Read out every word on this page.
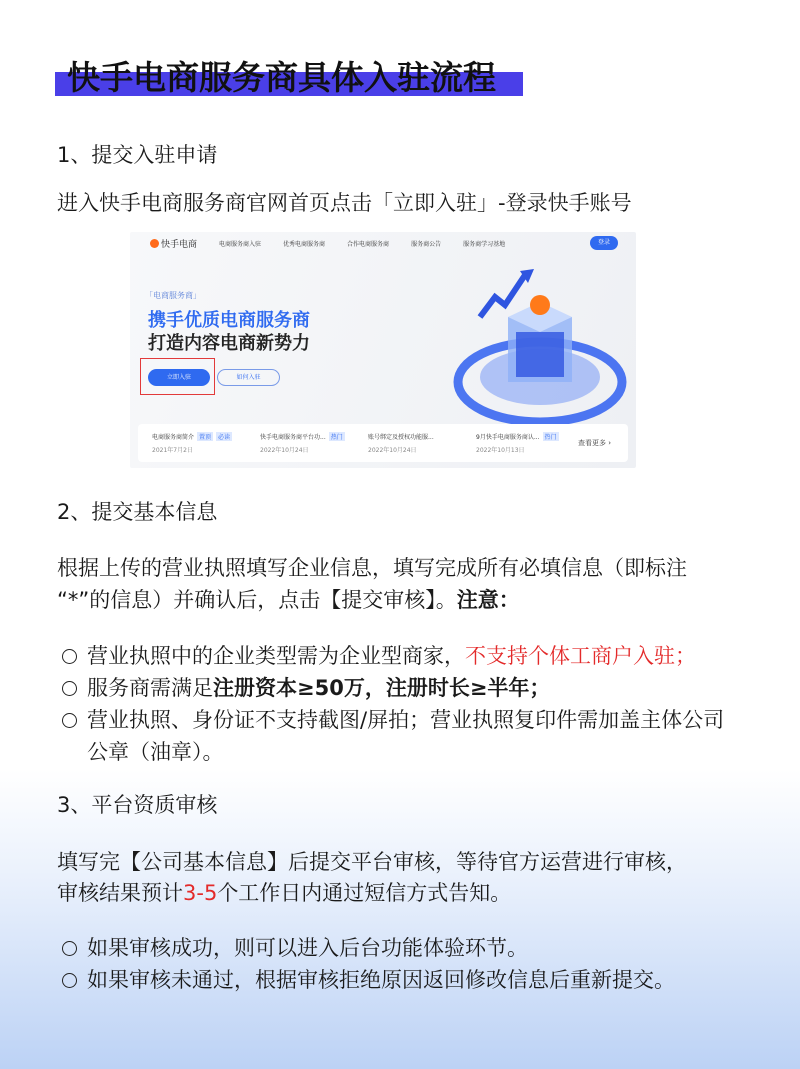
快手电商服务商具体入驻流程
1、提交入驻申请
进入快手电商服务商官网首页点击「立即入驻」-登录快手账号
快手电商	电商服务商入驻	优秀电商服务商	合作电商服务商	服务商公告	服务商学习基地	登录
「电商服务商」
携手优质电商服务商
打造内容电商新势力
立即入驻	如何入驻
电商服务商简介 置顶 必读
2021年7月2日
快手电商服务商平台功... 热门
2022年10月24日
账号绑定及授权功能服...
2022年10月24日
9月快手电商服务商认... 热门
2022年10月13日
查看更多 ›
2、提交基本信息
根据上传的营业执照填写企业信息，填写完成所有必填信息（即标注
“*”的信息）并确认后，点击【提交审核】。注意：
营业执照中的企业类型需为企业型商家，不支持个体工商户入驻；
服务商需满足注册资本≥50万，注册时长≥半年；
营业执照、身份证不支持截图/屏拍；营业执照复印件需加盖主体公司
公章（油章）。
3、平台资质审核
填写完【公司基本信息】后提交平台审核，等待官方运营进行审核，
审核结果预计3-5个工作日内通过短信方式告知。
如果审核成功，则可以进入后台功能体验环节。
如果审核未通过，根据审核拒绝原因返回修改信息后重新提交。
